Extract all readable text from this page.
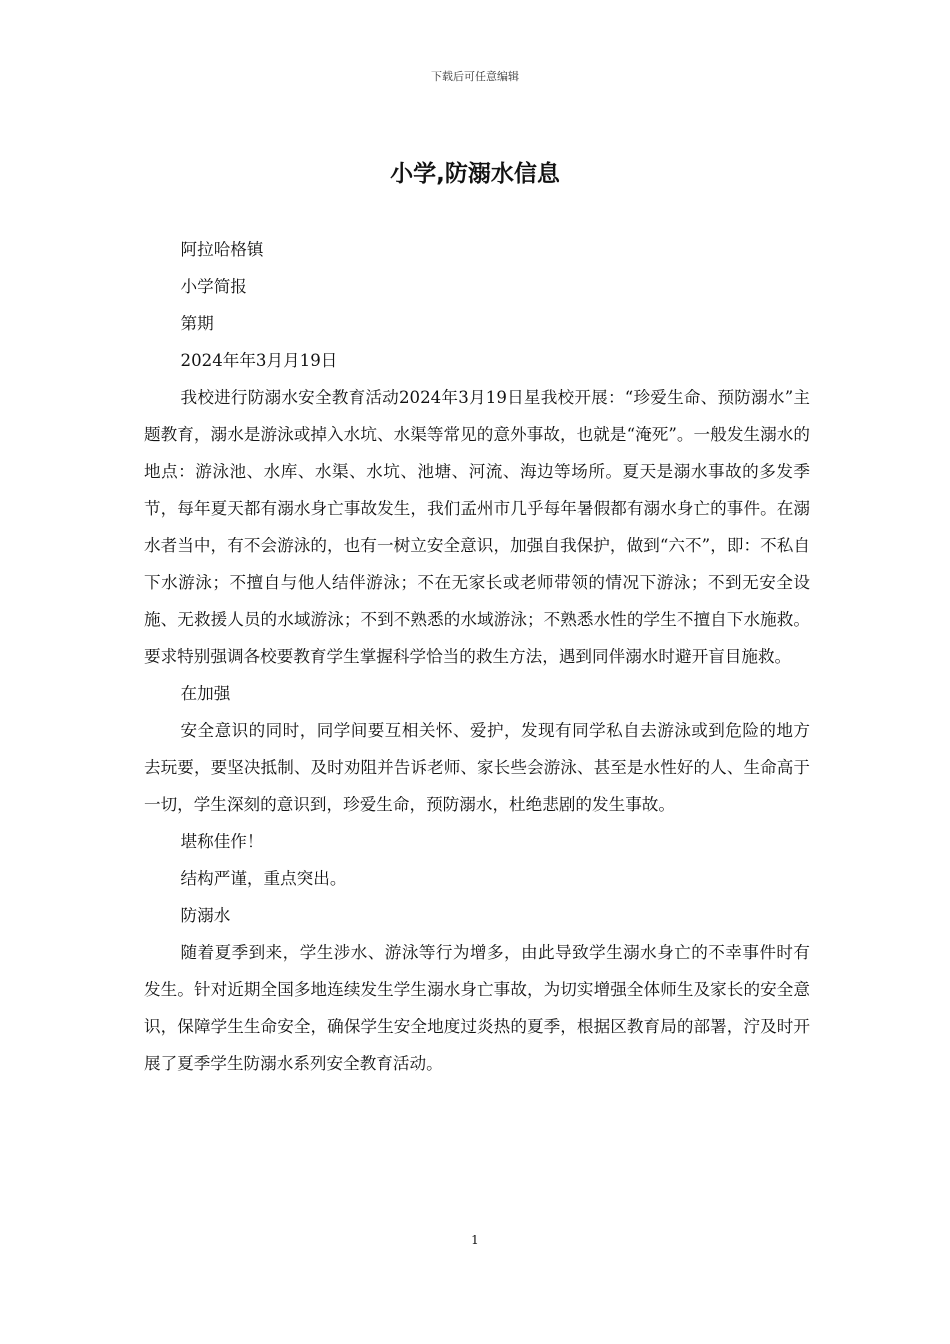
下载后可任意编辑
小学,防溺水信息

阿拉哈格镇

小学简报

第期

2024年年3月月19日

我校进行防溺水安全教育活动2024年3月19日星我校开展：“珍爱生命、预防溺水”主题教育，溺水是游泳或掉入水坑、水渠等常见的意外事故，也就是“淹死”。一般发生溺水的地点：游泳池、水库、水渠、水坑、池塘、河流、海边等场所。夏天是溺水事故的多发季节，每年夏天都有溺水身亡事故发生，我们孟州市几乎每年暑假都有溺水身亡的事件。在溺水者当中，有不会游泳的，也有一树立安全意识，加强自我保护，做到“六不”，即：不私自下水游泳；不擅自与他人结伴游泳；不在无家长或老师带领的情况下游泳；不到无安全设施、无救援人员的水域游泳；不到不熟悉的水域游泳；不熟悉水性的学生不擅自下水施救。要求特别强调各校要教育学生掌握科学恰当的救生方法，遇到同伴溺水时避开盲目施救。

在加强

安全意识的同时，同学间要互相关怀、爱护，发现有同学私自去游泳或到危险的地方去玩要，要坚决抵制、及时劝阻并告诉老师、家长些会游泳、甚至是水性好的人、生命高于一切，学生深刻的意识到，珍爱生命，预防溺水，杜绝悲剧的发生事故。

堪称佳作！

结构严谨，重点突出。

防溺水

随着夏季到来，学生涉水、游泳等行为增多，由此导致学生溺水身亡的不幸事件时有发生。针对近期全国多地连续发生学生溺水身亡事故，为切实增强全体师生及家长的安全意识，保障学生生命安全，确保学生安全地度过炎热的夏季，根据区教育局的部署，泞及时开展了夏季学生防溺水系列安全教育活动。

1
